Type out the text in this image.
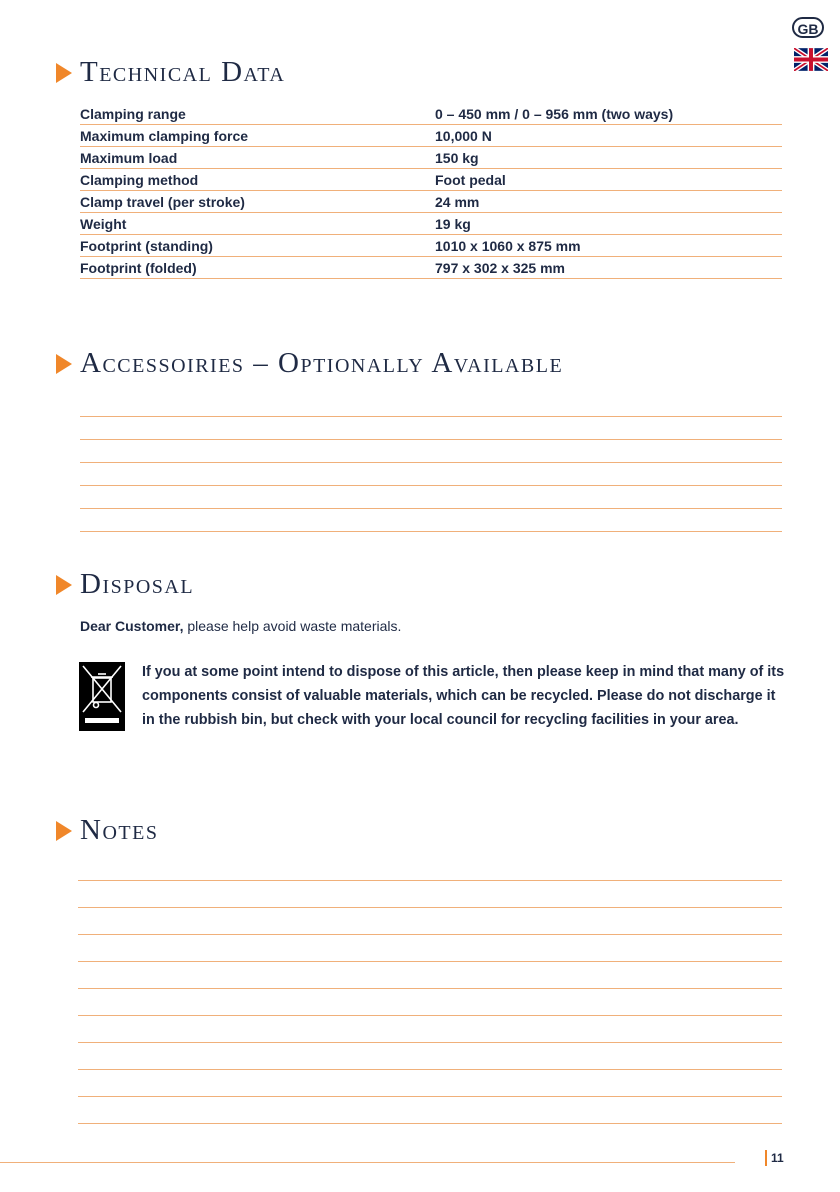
GB
Technical Data
Clamping range	0 – 450 mm / 0 – 956 mm (two ways)
Maximum clamping force	10,000 N
Maximum load	150 kg
Clamping method	Foot pedal
Clamp travel (per stroke)	24 mm
Weight	19 kg
Footprint (standing)	1010 x 1060 x 875 mm
Footprint (folded)	797 x 302 x 325 mm
Accessoiries – Optionally Available
Disposal
Dear Customer, please help avoid waste materials.
If you at some point intend to dispose of this article, then please keep in mind that many of its components consist of valuable materials, which can be recycled. Please do not discharge it in the rubbish bin, but check with your local council for recycling facilities in your area.
Notes
11
